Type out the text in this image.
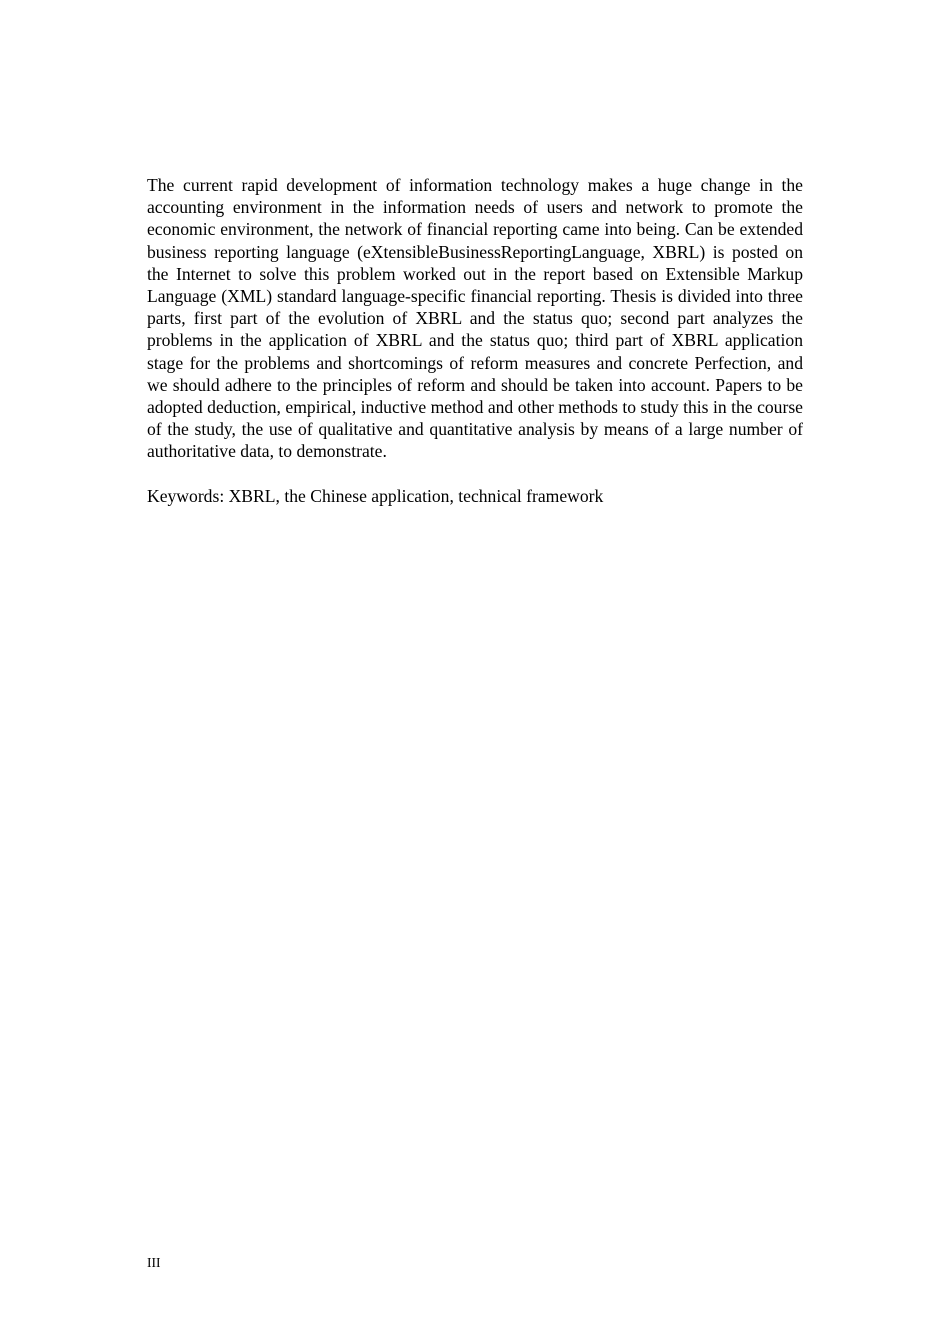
The current rapid development of information technology makes a huge change in the accounting environment in the information needs of users and network to promote the economic environment, the network of financial reporting came into being. Can be extended business reporting language (eXtensibleBusinessReportingLanguage, XBRL) is posted on the Internet to solve this problem worked out in the report based on Extensible Markup Language (XML) standard language-specific financial reporting. Thesis is divided into three parts, first part of the evolution of XBRL and the status quo; second part analyzes the problems in the application of XBRL and the status quo; third part of XBRL application stage for the problems and shortcomings of reform measures and concrete Perfection, and we should adhere to the principles of reform and should be taken into account. Papers to be adopted deduction, empirical, inductive method and other methods to study this in the course of the study, the use of qualitative and quantitative analysis by means of a large number of authoritative data, to demonstrate.

Keywords: XBRL, the Chinese application, technical framework

III
